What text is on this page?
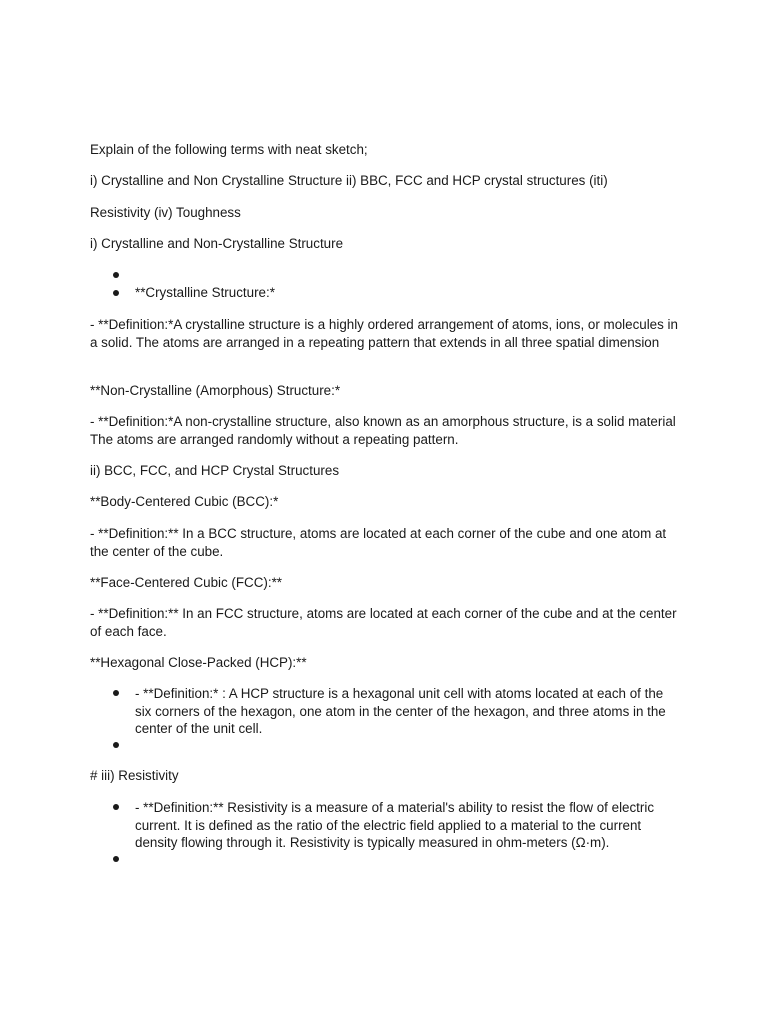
Explain of the following terms with neat sketch;
i) Crystalline and Non Crystalline Structure ii) BBC, FCC and HCP crystal structures (iti)
Resistivity (iv) Toughness
i) Crystalline and Non-Crystalline Structure
**Crystalline Structure:*
- **Definition:*A crystalline structure is a highly ordered arrangement of atoms, ions, or molecules in a solid. The atoms are arranged in a repeating pattern that extends in all three spatial dimension
**Non-Crystalline (Amorphous) Structure:*
- **Definition:*A non-crystalline structure, also known as an amorphous structure, is a solid material The atoms are arranged randomly without a repeating pattern.
ii) BCC, FCC, and HCP Crystal Structures
**Body-Centered Cubic (BCC):*
- **Definition:** In a BCC structure, atoms are located at each corner of the cube and one atom at the center of the cube.
**Face-Centered Cubic (FCC):**
- **Definition:** In an FCC structure, atoms are located at each corner of the cube and at the center of each face.
**Hexagonal Close-Packed (HCP):**
- **Definition:* : A HCP structure is a hexagonal unit cell with atoms located at each of the six corners of the hexagon, one atom in the center of the hexagon, and three atoms in the center of the unit cell.
# iii) Resistivity
- **Definition:** Resistivity is a measure of a material's ability to resist the flow of electric current. It is defined as the ratio of the electric field applied to a material to the current density flowing through it. Resistivity is typically measured in ohm-meters (Ω·m).
